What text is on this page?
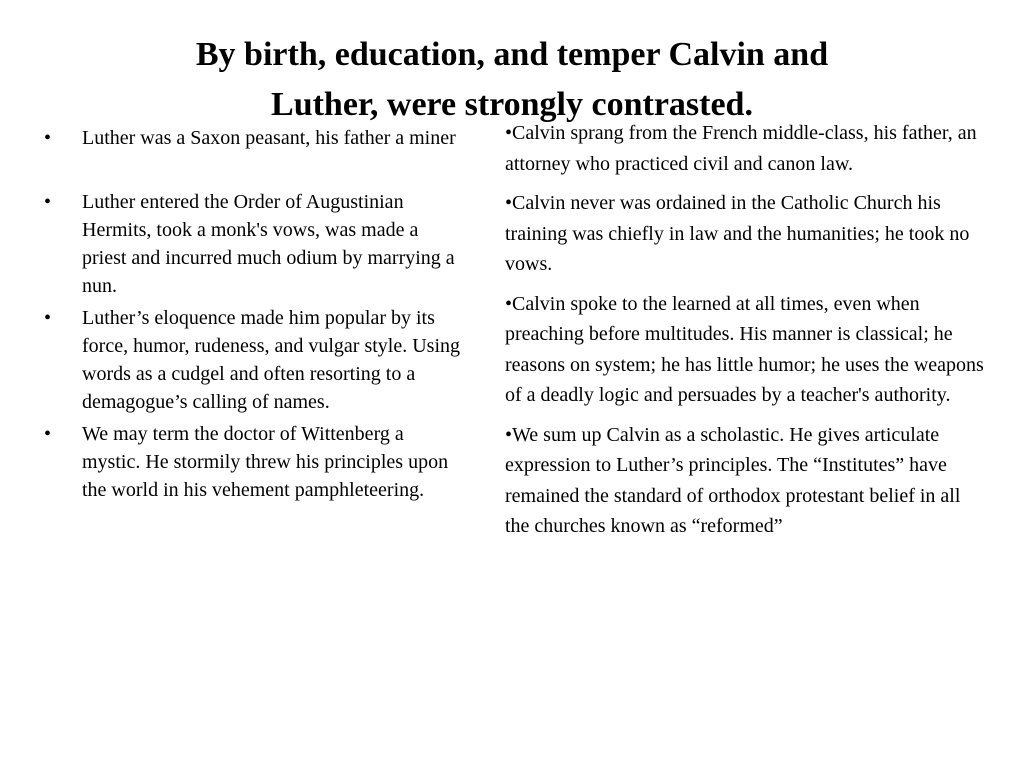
By birth, education, and temper Calvin and
Luther, were strongly contrasted.
• Luther was a Saxon peasant, his father a miner
• Luther entered the Order of Augustinian Hermits, took a monk's vows, was made a priest and incurred much odium by marrying a nun.
• Luther’s eloquence made him popular by its force, humor, rudeness, and vulgar style. Using words as a cudgel and often resorting to a demagogue’s calling of names.
• We may term the doctor of Wittenberg a mystic. He stormily threw his principles upon the world in his vehement pamphleteering.

•Calvin sprang from the French middle-class, his father, an attorney who practiced civil and canon law.

•Calvin never was ordained in the Catholic Church his training was chiefly in law and the humanities; he took no vows.

•Calvin spoke to the learned at all times, even when preaching before multitudes. His manner is classical; he reasons on system; he has little humor; he uses the weapons of a deadly logic and persuades by a teacher's authority.

•We sum up Calvin as a scholastic. He gives articulate expression to Luther’s principles. The “Institutes” have remained the standard of orthodox protestant belief in all the churches known as “reformed”
